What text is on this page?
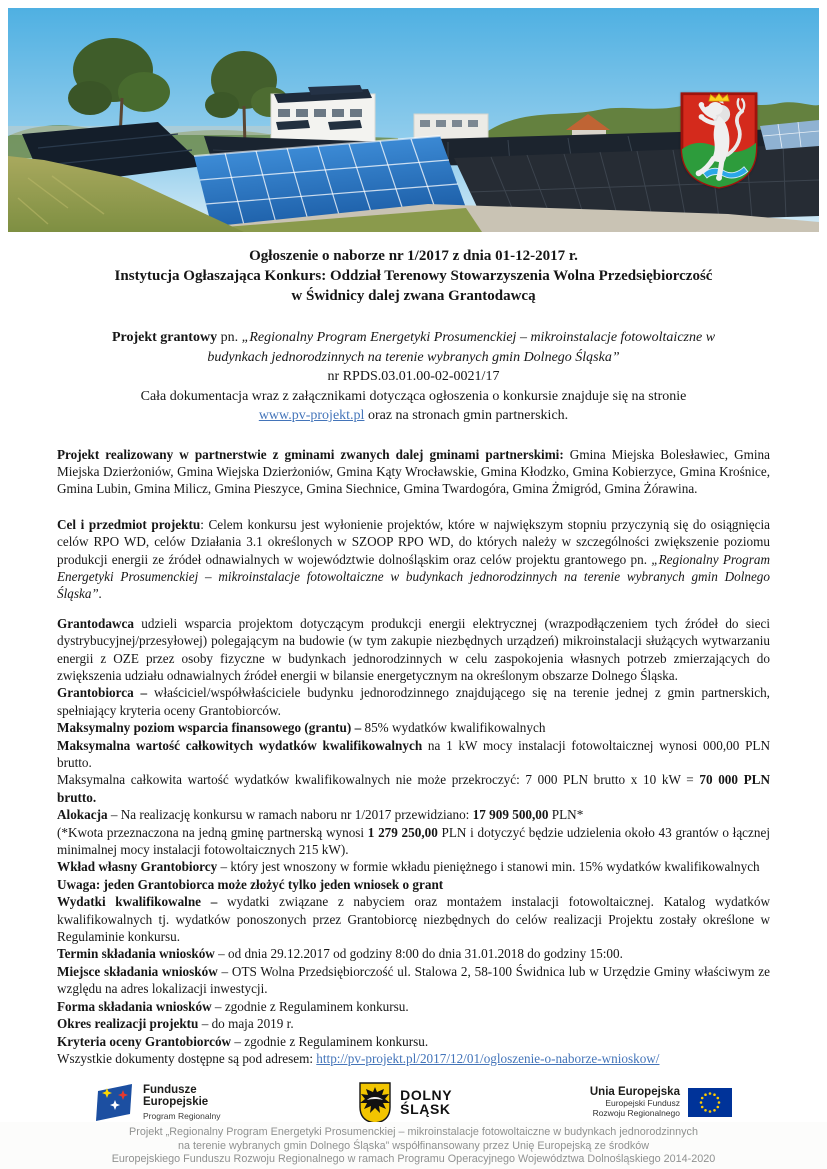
Ogłoszenie o naborze nr 1/2017 z dnia 01-12-2017 r.

Instytucja Ogłaszająca Konkurs: Oddział Terenowy Stowarzyszenia Wolna Przedsiębiorczość

w Świdnicy dalej zwana Grantodawcą

Projekt grantowy pn. „Regionalny Program Energetyki Prosumenckiej – mikroinstalacje fotowoltaiczne w

budynkach jednorodzinnych na terenie wybranych gmin Dolnego Śląska”

nr RPDS.03.01.00-02-0021/17

Cała dokumentacja wraz z załącznikami dotycząca ogłoszenia o konkursie znajduje się na stronie

www.pv-projekt.pl oraz na stronach gmin partnerskich.

Projekt realizowany w partnerstwie z gminami zwanych dalej gminami partnerskimi: Gmina Miejska Bolesławiec, Gmina Miejska Dzierżoniów, Gmina Wiejska Dzierżoniów, Gmina Kąty Wrocławskie, Gmina Kłodzko, Gmina Kobierzyce, Gmina Krośnice, Gmina Lubin, Gmina Milicz, Gmina Pieszyce, Gmina Siechnice, Gmina Twardogóra, Gmina Żmigród, Gmina Żórawina.

Cel i przedmiot projektu: Celem konkursu jest wyłonienie projektów, które w największym stopniu przyczynią się do osiągnięcia celów RPO WD, celów Działania 3.1 określonych w SZOOP RPO WD, do których należy w szczególności zwiększenie poziomu produkcji energii ze źródeł odnawialnych w województwie dolnośląskim oraz celów projektu grantowego pn. „Regionalny Program Energetyki Prosumenckiej – mikroinstalacje fotowoltaiczne w budynkach jednorodzinnych na terenie wybranych gmin Dolnego Śląska”.

Grantodawca udzieli wsparcia projektom dotyczącym produkcji energii elektrycznej (wrazpodłączeniem tych źródeł do sieci dystrybucyjnej/przesyłowej) polegającym na budowie (w tym zakupie niezbędnych urządzeń) mikroinstalacji służących wytwarzaniu energii z OZE przez osoby fizyczne w budynkach jednorodzinnych w celu zaspokojenia własnych potrzeb zmierzających do zwiększenia udziału odnawialnych źródeł energii w bilansie energetycznym na określonym obszarze Dolnego Śląska.

Grantobiorca – właściciel/współwłaściciele budynku jednorodzinnego znajdującego się na terenie jednej z gmin partnerskich, spełniający kryteria oceny Grantobiorców.

Maksymalny poziom wsparcia finansowego (grantu) – 85% wydatków kwalifikowalnych

Maksymalna wartość całkowitych wydatków kwalifikowalnych na 1 kW mocy instalacji fotowoltaicznej wynosi 000,00 PLN brutto.

Maksymalna całkowita wartość wydatków kwalifikowalnych nie może przekroczyć: 7 000 PLN brutto x 10 kW = 70 000 PLN brutto.

Alokacja – Na realizację konkursu w ramach naboru nr 1/2017 przewidziano: 17 909 500,00 PLN*

(*Kwota przeznaczona na jedną gminę partnerską wynosi 1 279 250,00 PLN i dotyczyć będzie udzielenia około 43 grantów o łącznej minimalnej mocy instalacji fotowoltaicznych 215 kW).

Wkład własny Grantobiorcy – który jest wnoszony w formie wkładu pieniężnego i stanowi min. 15% wydatków kwalifikowalnych

Uwaga: jeden Grantobiorca może złożyć tylko jeden wniosek o grant

Wydatki kwalifikowalne – wydatki związane z nabyciem oraz montażem instalacji fotowoltaicznej. Katalog wydatków kwalifikowalnych tj. wydatków ponoszonych przez Grantobiorcę niezbędnych do celów realizacji Projektu zostały określone w Regulaminie konkursu.

Termin składania wniosków – od dnia 29.12.2017 od godziny 8:00 do dnia 31.01.2018 do godziny 15:00.

Miejsce składania wniosków – OTS Wolna Przedsiębiorczość ul. Stalowa 2, 58-100 Świdnica lub w Urzędzie Gminy właściwym ze względu na adres lokalizacji inwestycji.

Forma składania wniosków – zgodnie z Regulaminem konkursu.

Okres realizacji projektu – do maja 2019 r.

Kryteria oceny Grantobiorców – zgodnie z Regulaminem konkursu.

Wszystkie dokumenty dostępne są pod adresem: http://pv-projekt.pl/2017/12/01/ogloszenie-o-naborze-wnioskow/

Fundusze
Europejskie
Program Regionalny
DOLNY
ŚLĄSK
Unia Europejska
Europejski Fundusz
Rozwoju Regionalnego
Projekt „Regionalny Program Energetyki Prosumenckiej – mikroinstalacje fotowoltaiczne w budynkach jednorodzinnych
na terenie wybranych gmin Dolnego Śląska” współfinansowany przez Unię Europejską ze środków
Europejskiego Funduszu Rozwoju Regionalnego w ramach Programu Operacyjnego Województwa Dolnośląskiego 2014-2020
